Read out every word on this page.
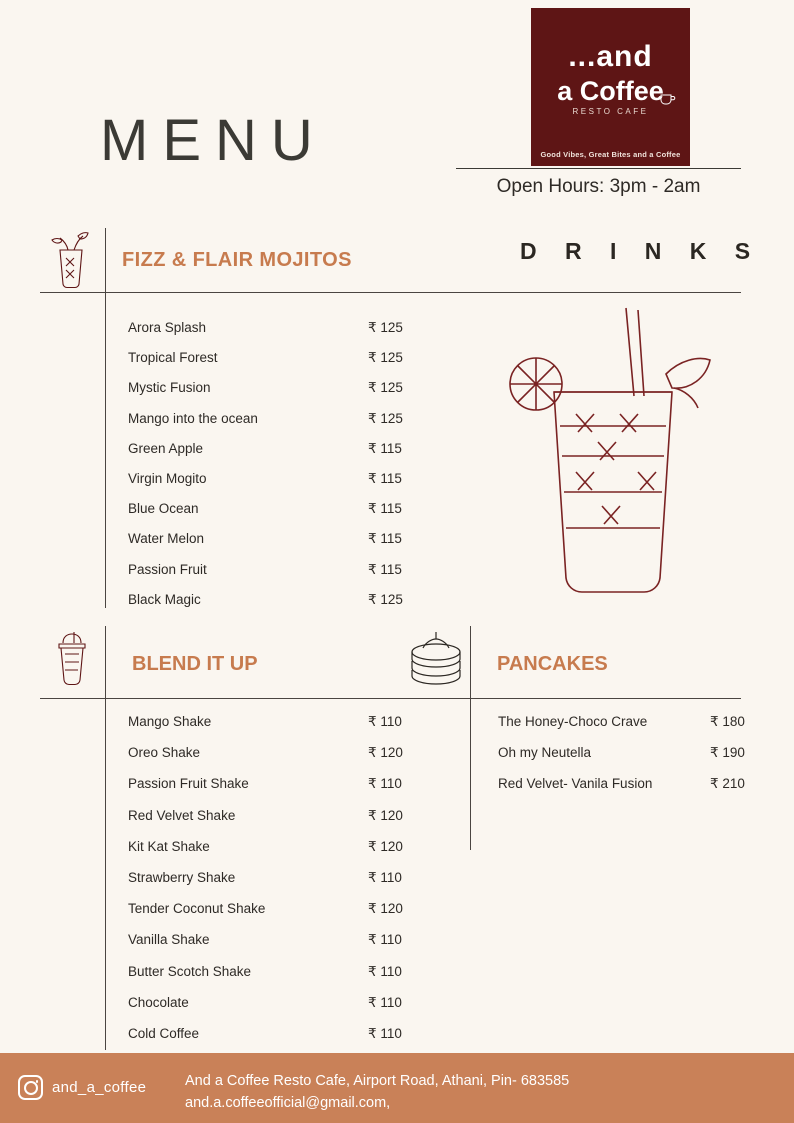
MENU
...and
a Coffee
RESTO CAFE
Good Vibes, Great Bites and a Coffee
Open Hours: 3pm - 2am
D R I N K S
FIZZ & FLAIR MOJITOS
Arora Splash	₹ 125
Tropical Forest	₹ 125
Mystic Fusion	₹ 125
Mango into the ocean	₹ 125
Green Apple	₹ 115
Virgin Mogito	₹ 115
Blue Ocean	₹ 115
Water Melon	₹ 115
Passion Fruit	₹ 115
Black Magic	₹ 125
BLEND IT UP	PANCAKES
Mango Shake	₹ 110
Oreo Shake	₹ 120
Passion Fruit Shake	₹ 110
Red Velvet Shake	₹ 120
Kit Kat Shake	₹ 120
Strawberry Shake	₹ 110
Tender Coconut Shake	₹ 120
Vanilla Shake	₹ 110
Butter Scotch Shake	₹ 110
Chocolate	₹ 110
Cold Coffee	₹ 110
The Honey-Choco Crave	₹ 180
Oh my Neutella	₹ 190
Red Velvet- Vanila Fusion	₹ 210
and_a_coffee	And a Coffee Resto Cafe, Airport Road, Athani, Pin- 683585
and.a.coffeeofficial@gmail.com,
